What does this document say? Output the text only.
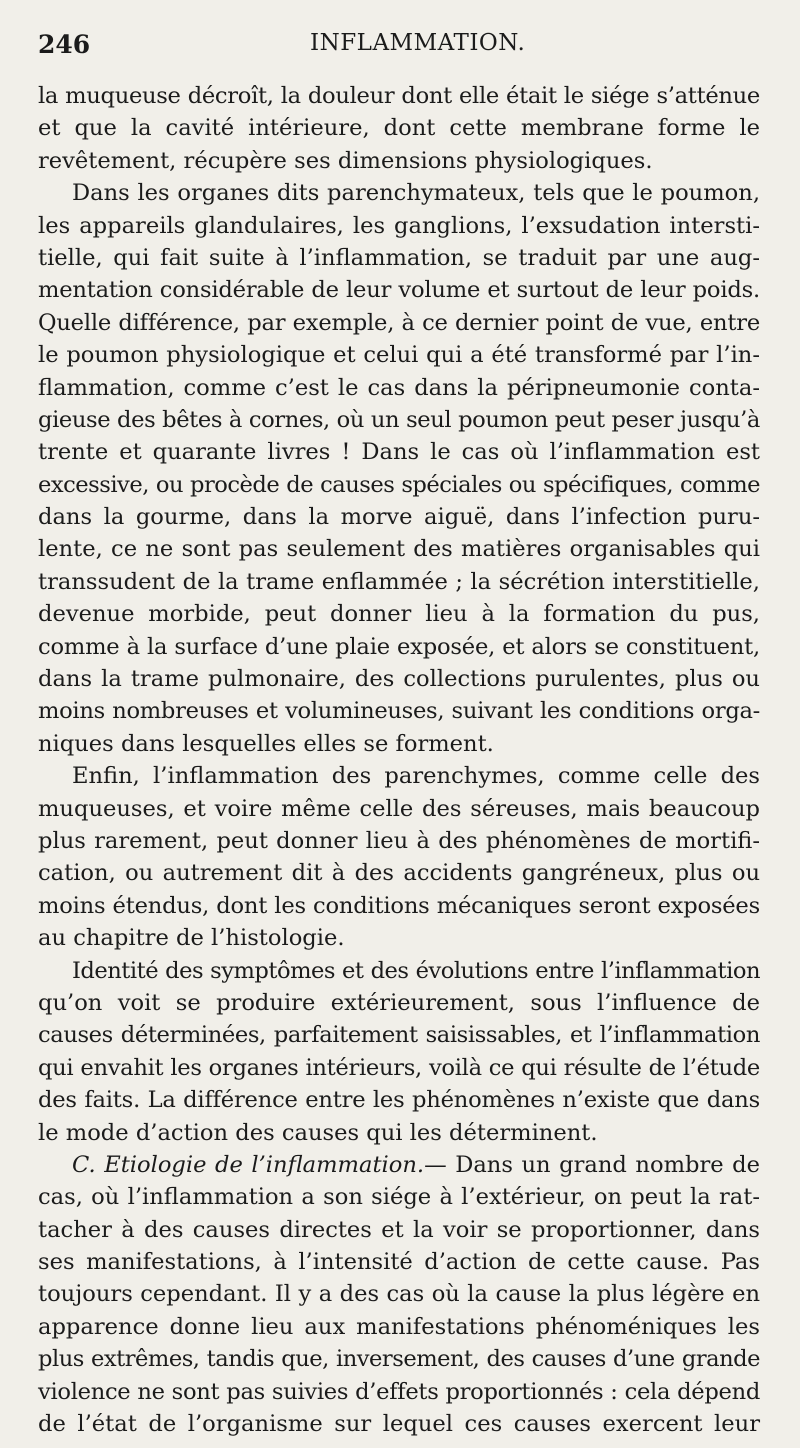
246	INFLAMMATION.
la muqueuse décroît, la douleur dont elle était le siége s’atténue
et que la cavité intérieure, dont cette membrane forme le
revêtement, récupère ses dimensions physiologiques.
Dans les organes dits parenchymateux, tels que le poumon,
les appareils glandulaires, les ganglions, l’exsudation intersti-
tielle, qui fait suite à l’inflammation, se traduit par une aug-
mentation considérable de leur volume et surtout de leur poids.
Quelle différence, par exemple, à ce dernier point de vue, entre
le poumon physiologique et celui qui a été transformé par l’in-
flammation, comme c’est le cas dans la péripneumonie conta-
gieuse des bêtes à cornes, où un seul poumon peut peser jusqu’à
trente et quarante livres ! Dans le cas où l’inflammation est
excessive, ou procède de causes spéciales ou spécifiques, comme
dans la gourme, dans la morve aiguë, dans l’infection puru-
lente, ce ne sont pas seulement des matières organisables qui
transsudent de la trame enflammée ; la sécrétion interstitielle,
devenue morbide, peut donner lieu à la formation du pus,
comme à la surface d’une plaie exposée, et alors se constituent,
dans la trame pulmonaire, des collections purulentes, plus ou
moins nombreuses et volumineuses, suivant les conditions orga-
niques dans lesquelles elles se forment.
Enfin, l’inflammation des parenchymes, comme celle des
muqueuses, et voire même celle des séreuses, mais beaucoup
plus rarement, peut donner lieu à des phénomènes de mortifi-
cation, ou autrement dit à des accidents gangréneux, plus ou
moins étendus, dont les conditions mécaniques seront exposées
au chapitre de l’histologie.
Identité des symptômes et des évolutions entre l’inflammation
qu’on voit se produire extérieurement, sous l’influence de
causes déterminées, parfaitement saisissables, et l’inflammation
qui envahit les organes intérieurs, voilà ce qui résulte de l’étude
des faits. La différence entre les phénomènes n’existe que dans
le mode d’action des causes qui les déterminent.
C. Etiologie de l’inflammation.— Dans un grand nombre de
cas, où l’inflammation a son siége à l’extérieur, on peut la rat-
tacher à des causes directes et la voir se proportionner, dans
ses manifestations, à l’intensité d’action de cette cause. Pas
toujours cependant. Il y a des cas où la cause la plus légère en
apparence donne lieu aux manifestations phénoméniques les
plus extrêmes, tandis que, inversement, des causes d’une grande
violence ne sont pas suivies d’effets proportionnés : cela dépend
de l’état de l’organisme sur lequel ces causes exercent leur
